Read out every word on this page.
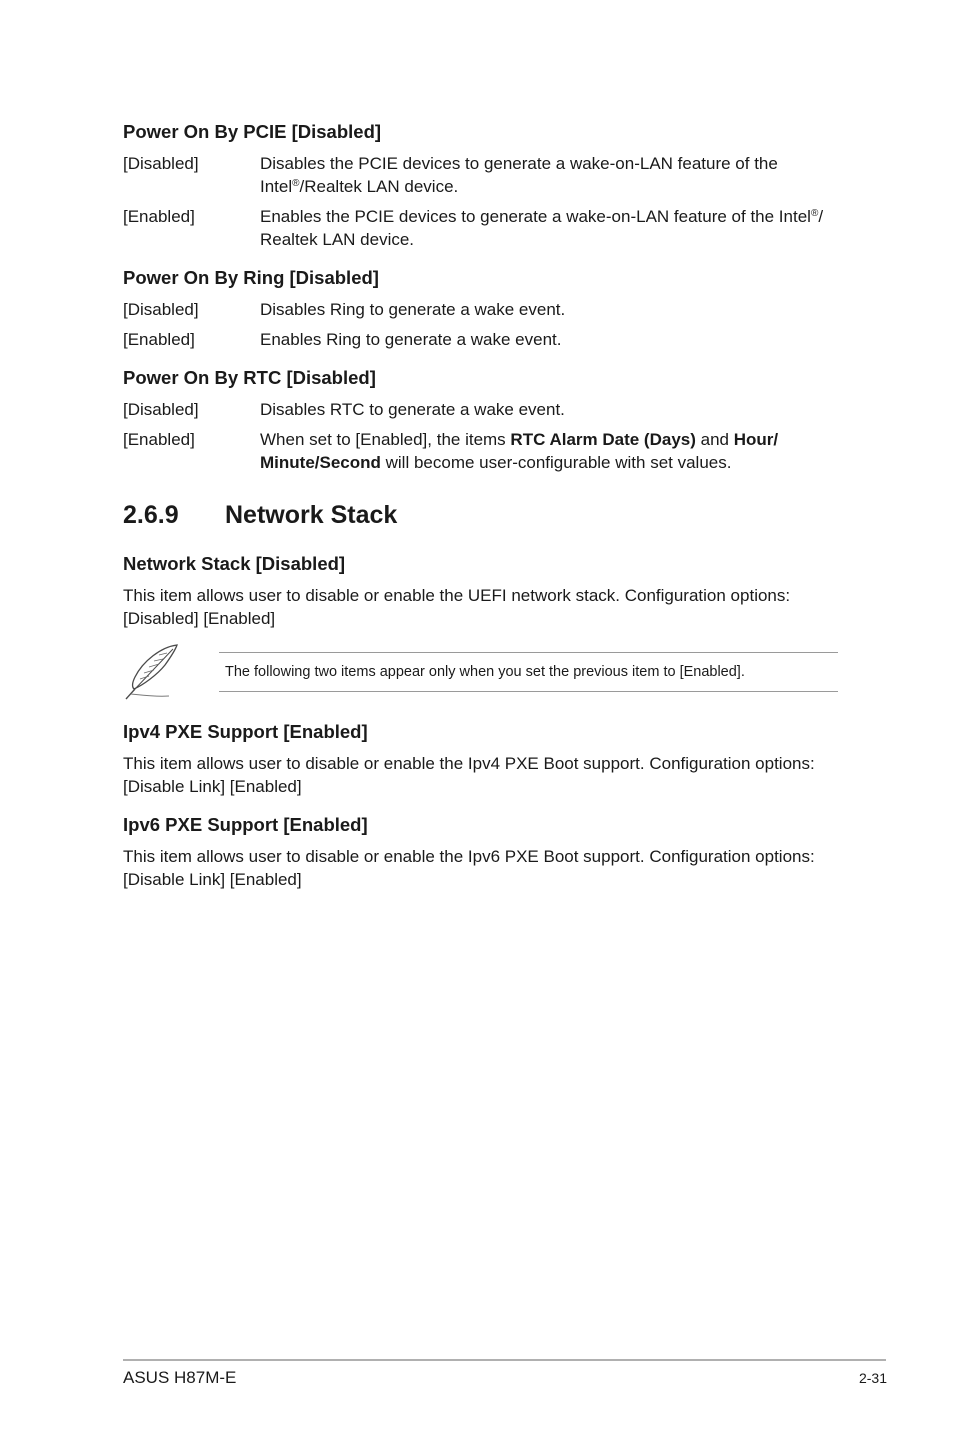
Power On By PCIE [Disabled]
[Disabled]	Disables the PCIE devices to generate a wake-on-LAN feature of the
Intel®/Realtek LAN device.
[Enabled]	Enables the PCIE devices to generate a wake-on-LAN feature of the Intel®/
Realtek LAN device.
Power On By Ring [Disabled]
[Disabled]	Disables Ring to generate a wake event.
[Enabled]	Enables Ring to generate a wake event.
Power On By RTC [Disabled]
[Disabled]	Disables RTC to generate a wake event.
[Enabled]	When set to [Enabled], the items RTC Alarm Date (Days) and Hour/
Minute/Second will become user-configurable with set values.
2.6.9 Network Stack
Network Stack [Disabled]

This item allows user to disable or enable the UEFI network stack. Configuration options:
[Disabled] [Enabled]

The following two items appear only when you set the previous item to [Enabled].
Ipv4 PXE Support [Enabled]

This item allows user to disable or enable the Ipv4 PXE Boot support. Configuration options:
[Disable Link] [Enabled]

Ipv6 PXE Support [Enabled]

This item allows user to disable or enable the Ipv6 PXE Boot support. Configuration options:
[Disable Link] [Enabled]

ASUS H87M-E	2-31
